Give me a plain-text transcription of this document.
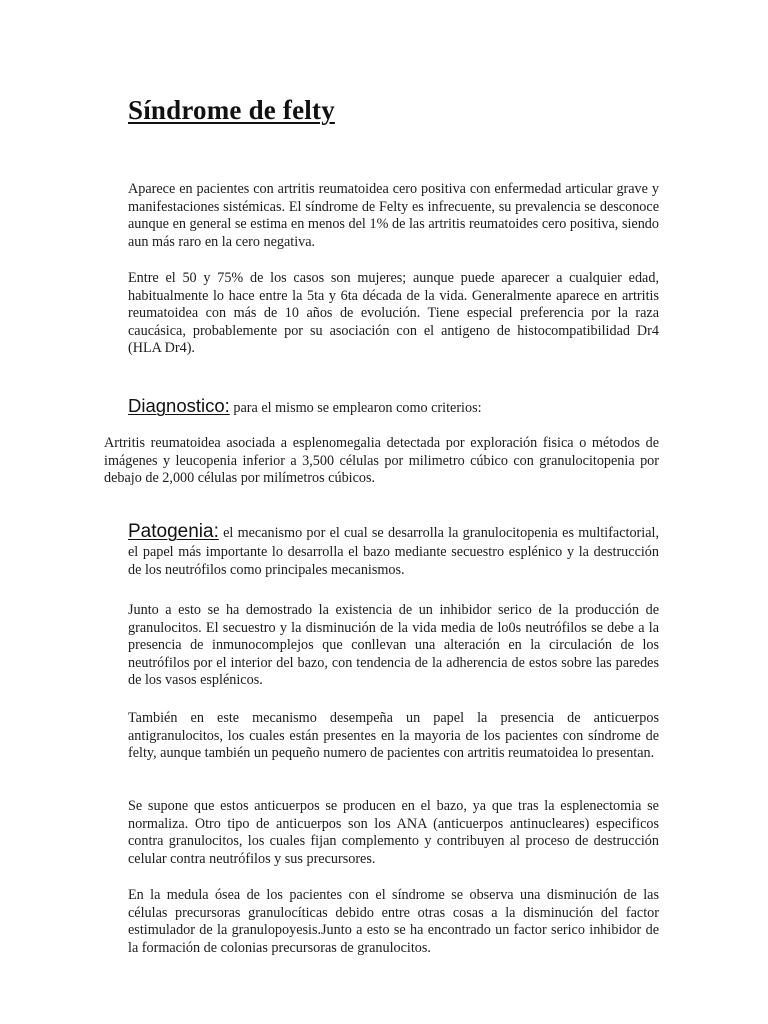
Síndrome de felty

Aparece en pacientes con artritis reumatoidea cero positiva con enfermedad articular grave y manifestaciones sistémicas. El síndrome de Felty es infrecuente, su prevalencia se desconoce aunque en general se estima en menos del 1% de las artritis reumatoides cero positiva, siendo aun más raro en la cero negativa.

Entre el 50 y 75% de los casos son mujeres; aunque puede aparecer a cualquier edad, habitualmente lo hace entre la 5ta y 6ta década de la vida. Generalmente aparece en artritis reumatoidea con más de 10 años de evolución. Tiene especial preferencia por la raza caucásica, probablemente por su asociación con el antigeno de histocompatibilidad Dr4 (HLA Dr4).

Diagnostico: para el mismo se emplearon como criterios:

Artritis reumatoidea asociada a esplenomegalia detectada por exploración fisica o métodos de imágenes y leucopenia inferior a 3,500 células por milimetro cúbico con granulocitopenia por debajo de 2,000 células por milímetros cúbicos.

Patogenia: el mecanismo por el cual se desarrolla la granulocitopenia es multifactorial, el papel más importante lo desarrolla el bazo mediante secuestro esplénico y la destrucción de los neutrófilos como principales mecanismos.

Junto a esto se ha demostrado la existencia de un inhibidor serico de la producción de granulocitos. El secuestro y la disminución de la vida media de lo0s neutrófilos se debe a la presencia de inmunocomplejos que conllevan una alteración en la circulación de los neutrófilos por el interior del bazo, con tendencia de la adherencia de estos sobre las paredes de los vasos esplénicos.

También en este mecanismo desempeña un papel la presencia de anticuerpos antigranulocitos, los cuales están presentes en la mayoria de los pacientes con síndrome de felty, aunque también un pequeño numero de pacientes con artritis reumatoidea lo presentan.

Se supone que estos anticuerpos se producen en el bazo, ya que tras la esplenectomia se normaliza. Otro tipo de anticuerpos son los ANA (anticuerpos antinucleares) especificos contra granulocitos, los cuales fijan complemento y contribuyen al proceso de destrucción celular contra neutrófilos y sus precursores.

En la medula ósea de los pacientes con el síndrome se observa una disminución de las células precursoras granulocíticas debido entre otras cosas a la disminución del factor estimulador de la granulopoyesis.Junto a esto se ha encontrado un factor serico inhibidor de la formación de colonias precursoras de granulocitos.
